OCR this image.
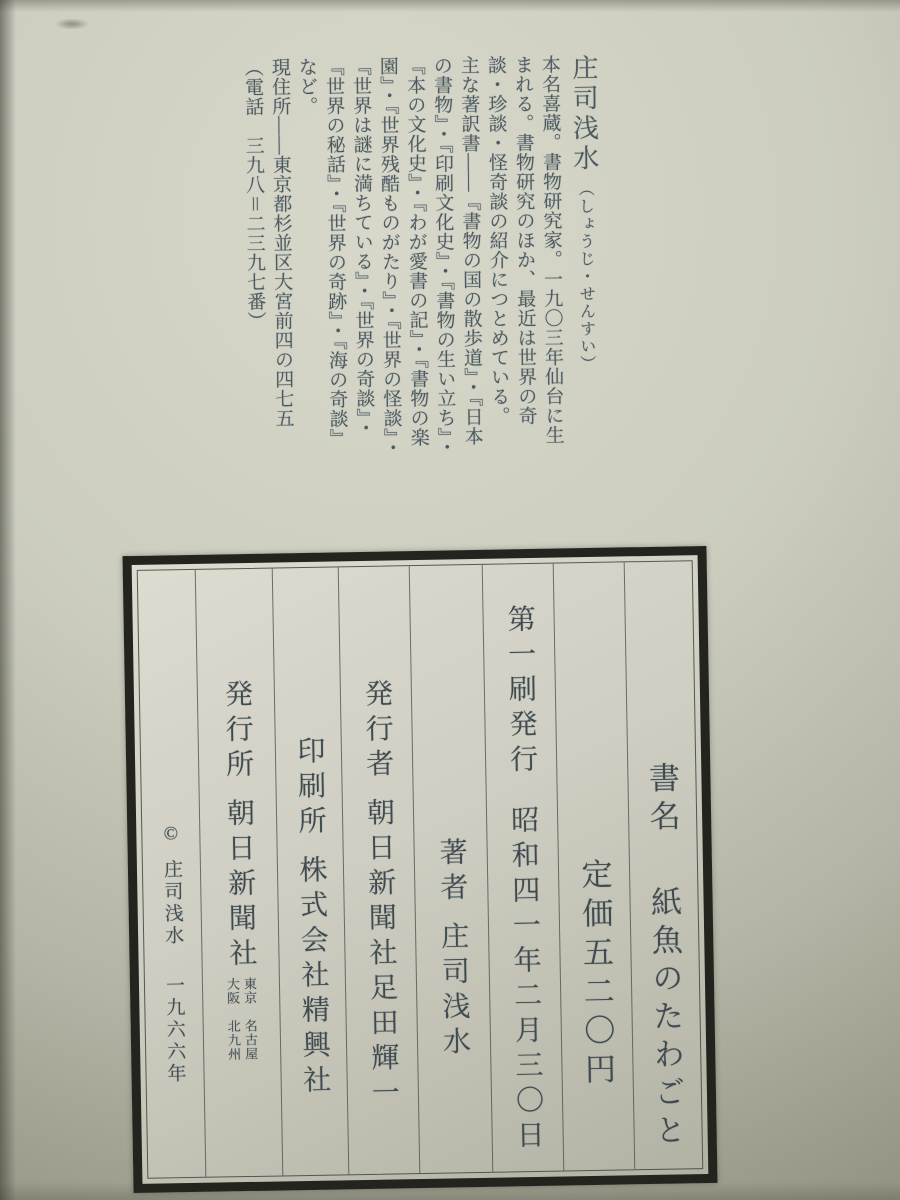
庄司浅水（しょうじ・せんすい）
本名喜蔵。書物研究家。一九〇三年仙台に生
まれる。書物研究のほか、最近は世界の奇
談・珍談・怪奇談の紹介につとめている。
主な著訳書——『書物の国の散歩道』・『日本
の書物』・『印刷文化史』・『書物の生い立ち』・
『本の文化史』・『わが愛書の記』・『書物の楽
園』・『世界残酷ものがたり』・『世界の怪談』・
『世界は謎に満ちている』・『世界の奇談』・
『世界の秘話』・『世界の奇跡』・『海の奇談』
など。
現住所——東京都杉並区大宮前四の四七五
（電話　三九八＝二三九七番）
©庄司浅水一九六六年
発行所朝日新聞社
東京　名古屋
大阪　北九州
印刷所株式会社精興社
発行者朝日新聞社足田輝一 著者庄司浅水
第一刷発行昭和四一年二月三〇日 定価五二〇円
書名紙魚のたわごと
